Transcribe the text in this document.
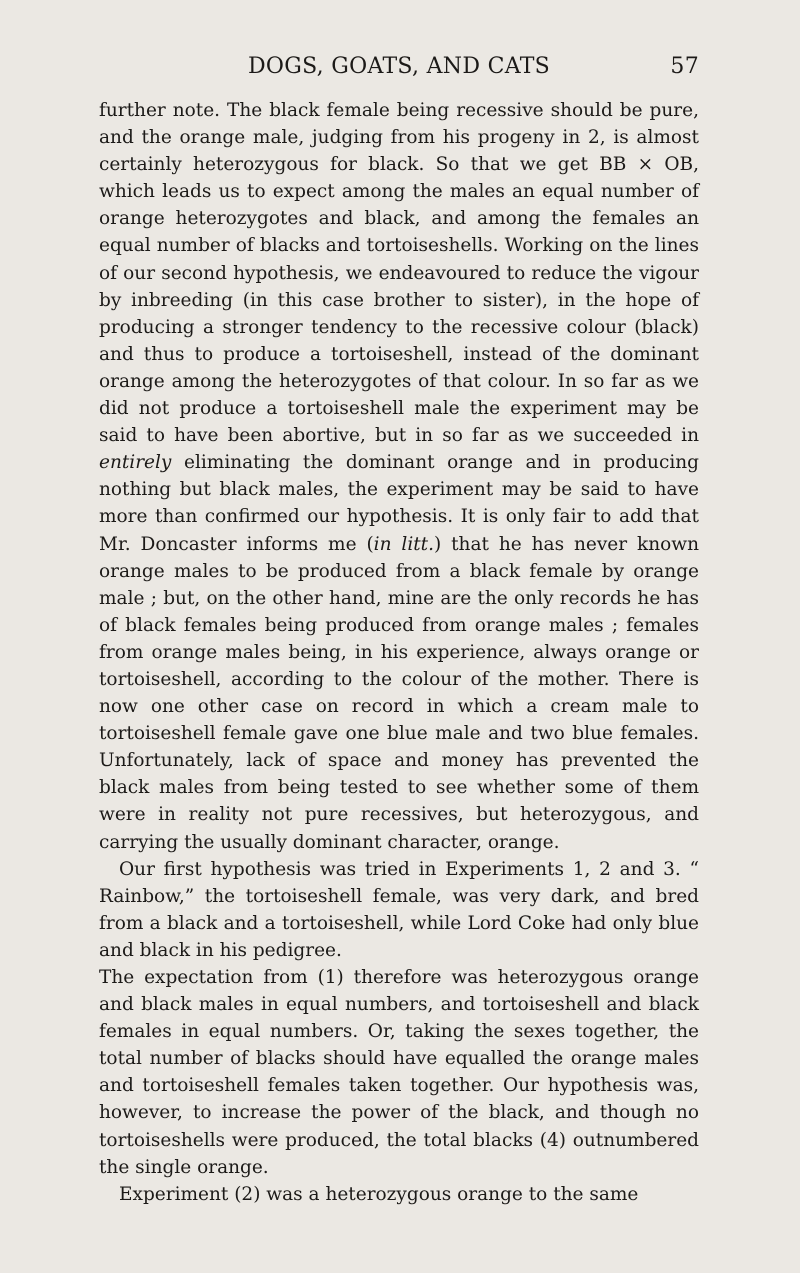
DOGS, GOATS, AND CATS	57

further note. The black female being recessive should be pure, and the orange male, judging from his progeny in 2, is almost certainly heterozygous for black. So that we get BB × OB, which leads us to expect among the males an equal number of orange heterozygotes and black, and among the females an equal number of blacks and tortoiseshells. Working on the lines of our second hypothesis, we endeavoured to reduce the vigour by inbreeding (in this case brother to sister), in the hope of producing a stronger tendency to the recessive colour (black) and thus to produce a tortoiseshell, instead of the dominant orange among the heterozygotes of that colour. In so far as we did not produce a tortoiseshell male the experiment may be said to have been abortive, but in so far as we succeeded in entirely eliminating the dominant orange and in producing nothing but black males, the experiment may be said to have more than confirmed our hypothesis. It is only fair to add that Mr. Doncaster informs me (in litt.) that he has never known orange males to be produced from a black female by orange male ; but, on the other hand, mine are the only records he has of black females being produced from orange males ; females from orange males being, in his experience, always orange or tortoiseshell, according to the colour of the mother. There is now one other case on record in which a cream male to tortoiseshell female gave one blue male and two blue females. Unfortunately, lack of space and money has prevented the black males from being tested to see whether some of them were in reality not pure recessives, but heterozygous, and carrying the usually dominant character, orange.

Our first hypothesis was tried in Experiments 1, 2 and 3. “ Rainbow,” the tortoiseshell female, was very dark, and bred from a black and a tortoiseshell, while Lord Coke had only blue and black in his pedigree.

The expectation from (1) therefore was heterozygous orange and black males in equal numbers, and tortoiseshell and black females in equal numbers. Or, taking the sexes together, the total number of blacks should have equalled the orange males and tortoiseshell females taken together. Our hypothesis was, however, to increase the power of the black, and though no tortoiseshells were produced, the total blacks (4) outnumbered the single orange.

Experiment (2) was a heterozygous orange to the same
